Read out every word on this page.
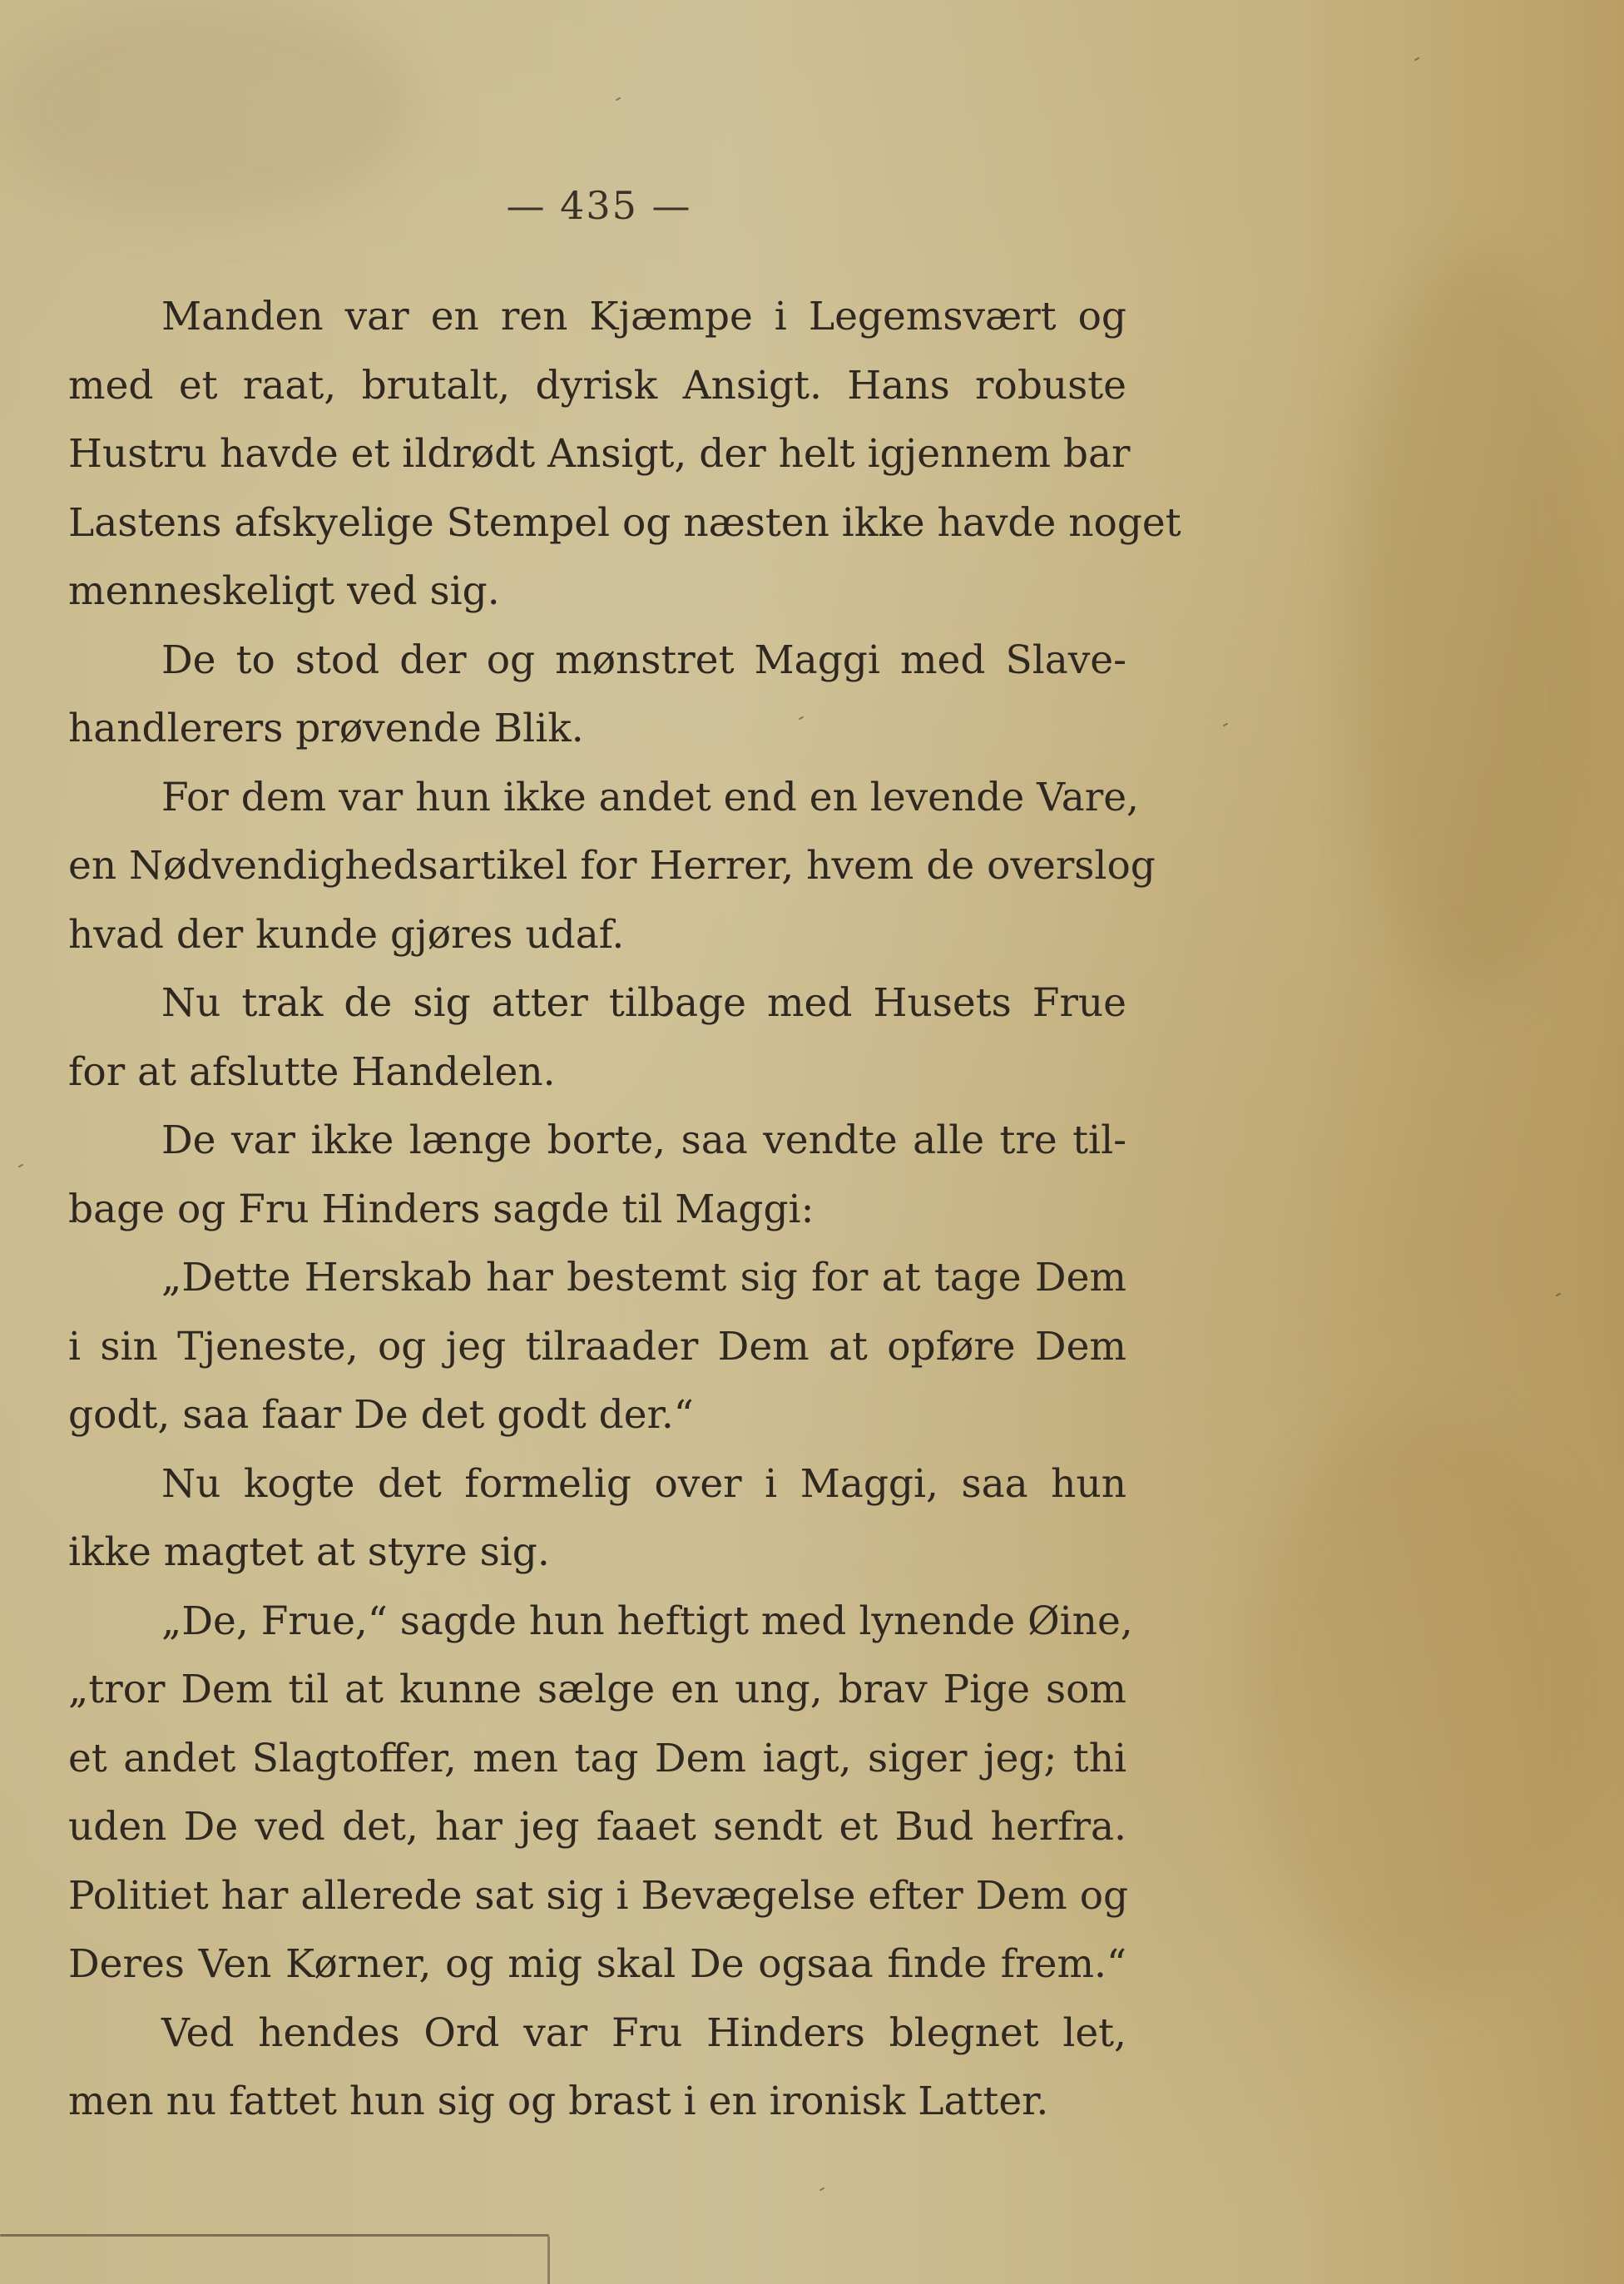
— 435 —

Manden var en ren Kjæmpe i Legemsvært og
med et raat, brutalt, dyrisk Ansigt. Hans robuste
Hustru havde et ildrødt Ansigt, der helt igjennem bar
Lastens afskyelige Stempel og næsten ikke havde noget
menneskeligt ved sig.

De to stod der og mønstret Maggi med Slave-
handlerers prøvende Blik.

For dem var hun ikke andet end en levende Vare,
en Nødvendighedsartikel for Herrer, hvem de overslog
hvad der kunde gjøres udaf.

Nu trak de sig atter tilbage med Husets Frue
for at afslutte Handelen.

De var ikke længe borte, saa vendte alle tre til-
bage og Fru Hinders sagde til Maggi:

„Dette Herskab har bestemt sig for at tage Dem
i sin Tjeneste, og jeg tilraader Dem at opføre Dem
godt, saa faar De det godt der.“

Nu kogte det formelig over i Maggi, saa hun
ikke magtet at styre sig.

„De, Frue,“ sagde hun heftigt med lynende Øine,
„tror Dem til at kunne sælge en ung, brav Pige som
et andet Slagtoffer, men tag Dem iagt, siger jeg; thi
uden De ved det, har jeg faaet sendt et Bud herfra.
Politiet har allerede sat sig i Bevægelse efter Dem og
Deres Ven Kørner, og mig skal De ogsaa finde frem.“

Ved hendes Ord var Fru Hinders blegnet let,
men nu fattet hun sig og brast i en ironisk Latter.
